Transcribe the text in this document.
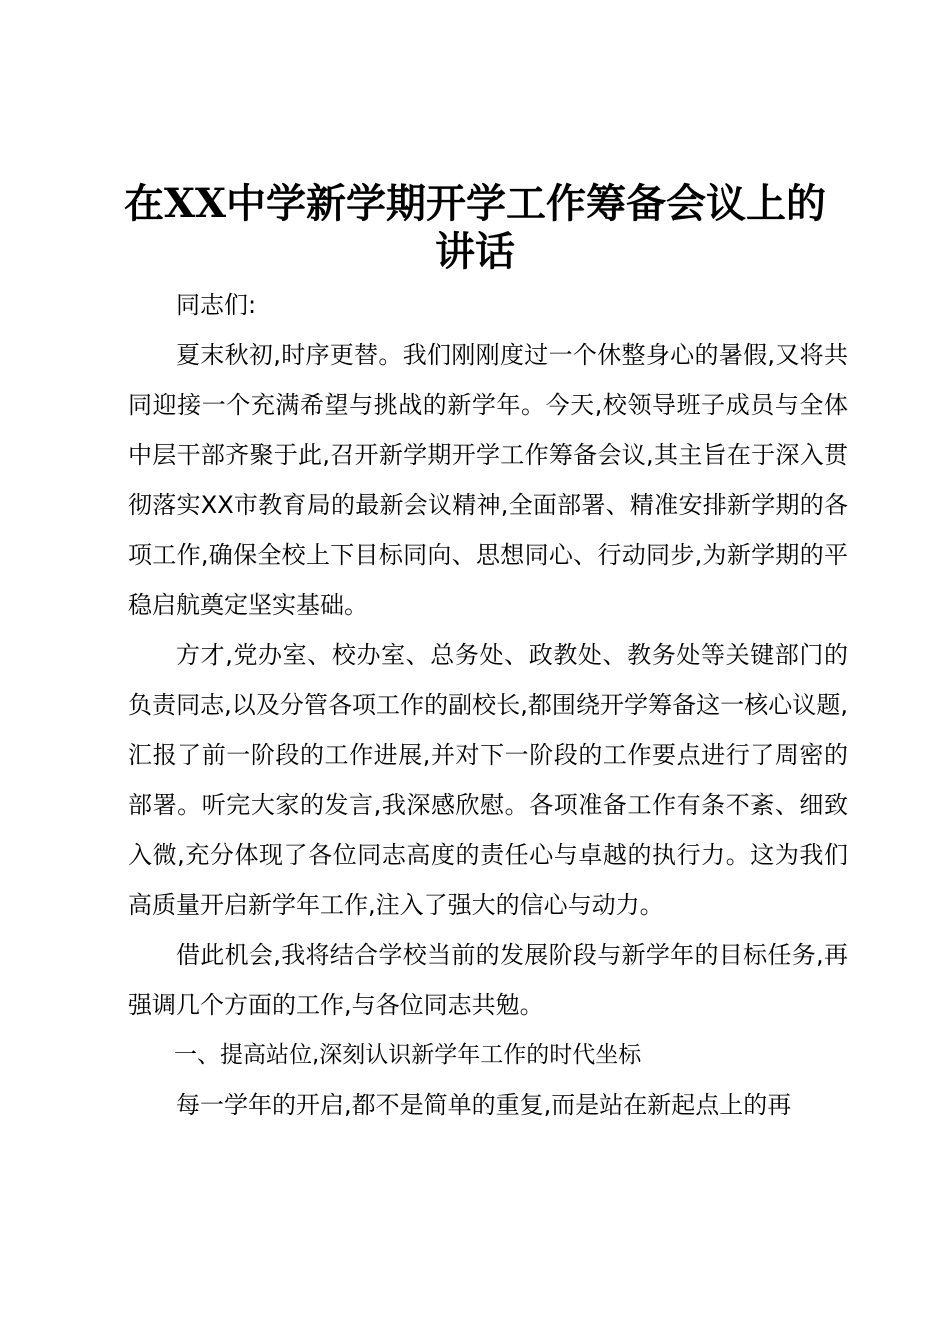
在XX中学新学期开学工作筹备会议上的讲话

同志们:

夏末秋初,时序更替。我们刚刚度过一个休整身心的暑假,又将共同迎接一个充满希望与挑战的新学年。今天,校领导班子成员与全体中层干部齐聚于此,召开新学期开学工作筹备会议,其主旨在于深入贯彻落实XX市教育局的最新会议精神,全面部署、精准安排新学期的各项工作,确保全校上下目标同向、思想同心、行动同步,为新学期的平稳启航奠定坚实基础。

方才,党办室、校办室、总务处、政教处、教务处等关键部门的负责同志,以及分管各项工作的副校长,都围绕开学筹备这一核心议题,汇报了前一阶段的工作进展,并对下一阶段的工作要点进行了周密的部署。听完大家的发言,我深感欣慰。各项准备工作有条不紊、细致入微,充分体现了各位同志高度的责任心与卓越的执行力。这为我们高质量开启新学年工作,注入了强大的信心与动力。

借此机会,我将结合学校当前的发展阶段与新学年的目标任务,再强调几个方面的工作,与各位同志共勉。

一、提高站位,深刻认识新学年工作的时代坐标

每一学年的开启,都不是简单的重复,而是站在新起点上的再
